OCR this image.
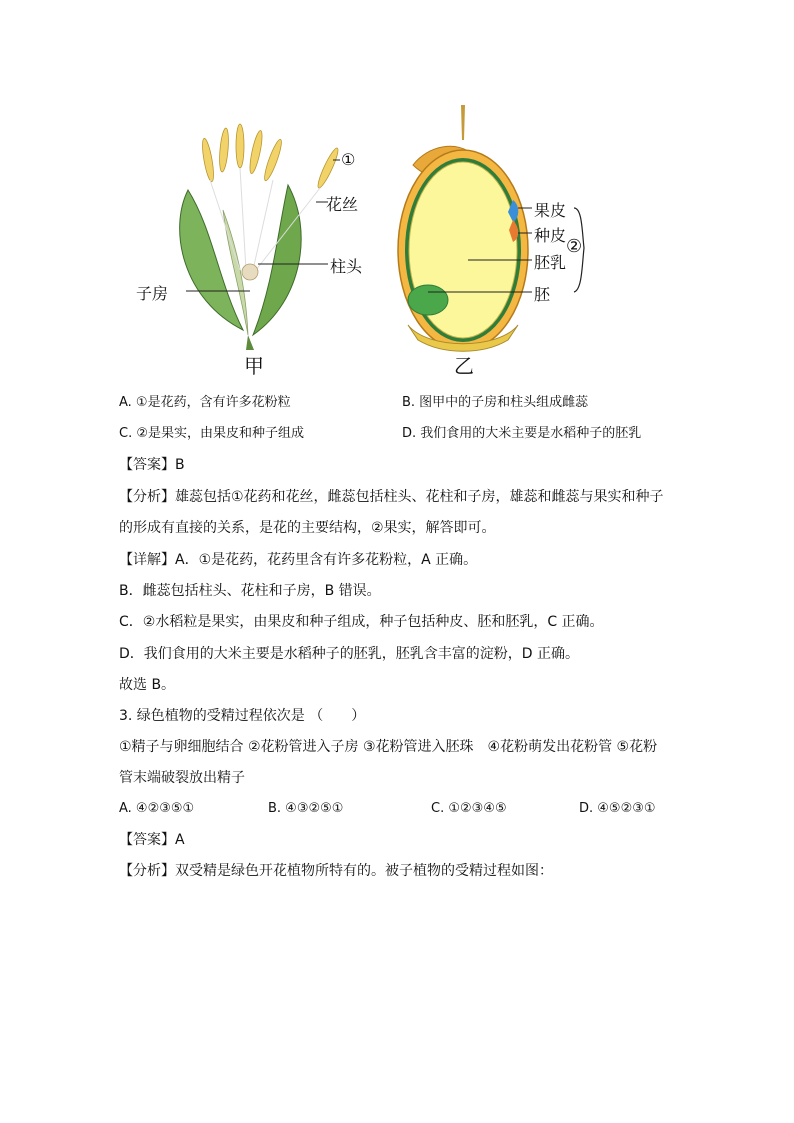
①
花丝
柱头
子房
甲
果皮
种皮
胚乳
胚
②
乙
A. ①是花药，含有许多花粉粒	B. 图甲中的子房和柱头组成雌蕊
C. ②是果实，由果皮和种子组成	D. 我们食用的大米主要是水稻种子的胚乳
【答案】B
【分析】雄蕊包括①花药和花丝，雌蕊包括柱头、花柱和子房，雄蕊和雌蕊与果实和种子
的形成有直接的关系，是花的主要结构，②果实，解答即可。
【详解】A．①是花药，花药里含有许多花粉粒，A 正确。
B．雌蕊包括柱头、花柱和子房，B 错误。
C．②水稻粒是果实，由果皮和种子组成，种子包括种皮、胚和胚乳，C 正确。
D．我们食用的大米主要是水稻种子的胚乳，胚乳含丰富的淀粉，D 正确。
故选 B。
3. 绿色植物的受精过程依次是 （　　）
①精子与卵细胞结合 ②花粉管进入子房 ③花粉管进入胚珠　④花粉萌发出花粉管 ⑤花粉
管末端破裂放出精子
A. ④②③⑤①	B. ④③②⑤①	C. ①②③④⑤	D. ④⑤②③①
【答案】A
【分析】双受精是绿色开花植物所特有的。被子植物的受精过程如图：
